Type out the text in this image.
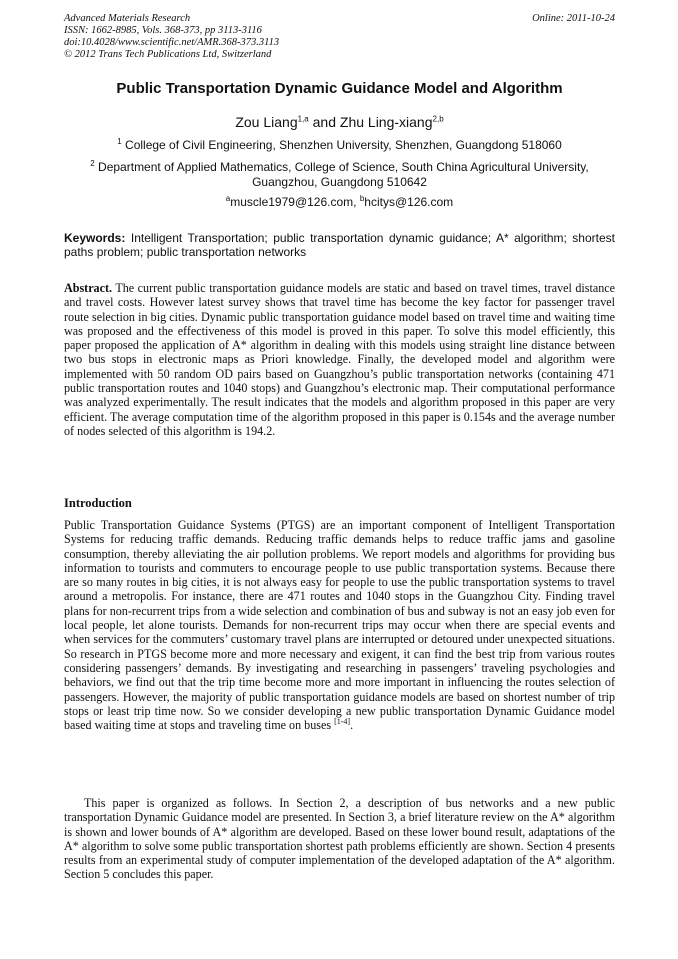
Advanced Materials Research
ISSN: 1662-8985, Vols. 368-373, pp 3113-3116
doi:10.4028/www.scientific.net/AMR.368-373.3113
© 2012 Trans Tech Publications Ltd, Switzerland
Online: 2011-10-24
Public Transportation Dynamic Guidance Model and Algorithm
Zou Liang$^{1,a}$ and Zhu Ling-xiang$^{2,b}$
$^1$ College of Civil Engineering, Shenzhen University, Shenzhen, Guangdong 518060
$^2$ Department of Applied Mathematics, College of Science, South China Agricultural University,
Guangzhou, Guangdong 510642
$^a$muscle1979@126.com, $^b$hcitys@126.com
Keywords: Intelligent Transportation; public transportation dynamic guidance; A* algorithm; shortest paths problem; public transportation networks
Abstract. The current public transportation guidance models are static and based on travel times, travel distance and travel costs. However latest survey shows that travel time has become the key factor for passenger travel route selection in big cities. Dynamic public transportation guidance model based on travel time and waiting time was proposed and the effectiveness of this model is proved in this paper. To solve this model efficiently, this paper proposed the application of A* algorithm in dealing with this models using straight line distance between two bus stops in electronic maps as Priori knowledge. Finally, the developed model and algorithm were implemented with 50 random OD pairs based on Guangzhou’s public transportation networks (containing 471 public transportation routes and 1040 stops) and Guangzhou’s electronic map. Their computational performance was analyzed experimentally. The result indicates that the models and algorithm proposed in this paper are very efficient. The average computation time of the algorithm proposed in this paper is 0.154s and the average number of nodes selected of this algorithm is 194.2.
Introduction
Public Transportation Guidance Systems (PTGS) are an important component of Intelligent Transportation Systems for reducing traffic demands. Reducing traffic demands helps to reduce traffic jams and gasoline consumption, thereby alleviating the air pollution problems. We report models and algorithms for providing bus information to tourists and commuters to encourage people to use public transportation systems. Because there are so many routes in big cities, it is not always easy for people to use the public transportation systems to travel around a metropolis. For instance, there are 471 routes and 1040 stops in the Guangzhou City. Finding travel plans for non-recurrent trips from a wide selection and combination of bus and subway is not an easy job even for local people, let alone tourists. Demands for non-recurrent trips may occur when there are special events and when services for the commuters’ customary travel plans are interrupted or detoured under unexpected situations. So research in PTGS become more and more necessary and exigent, it can find the best trip from various routes considering passengers’ demands. By investigating and researching in passengers’ traveling psychologies and behaviors, we find out that the trip time become more and more important in influencing the routes selection of passengers. However, the majority of public transportation guidance models are based on shortest number of trip stops or least trip time now. So we consider developing a new public transportation Dynamic Guidance model based waiting time at stops and traveling time on buses [1-4].
This paper is organized as follows. In Section 2, a description of bus networks and a new public transportation Dynamic Guidance model are presented. In Section 3, a brief literature review on the A* algorithm is shown and lower bounds of A* algorithm are developed. Based on these lower bound result, adaptations of the A* algorithm to solve some public transportation shortest path problems efficiently are shown. Section 4 presents results from an experimental study of computer implementation of the developed adaptation of the A* algorithm. Section 5 concludes this paper.
